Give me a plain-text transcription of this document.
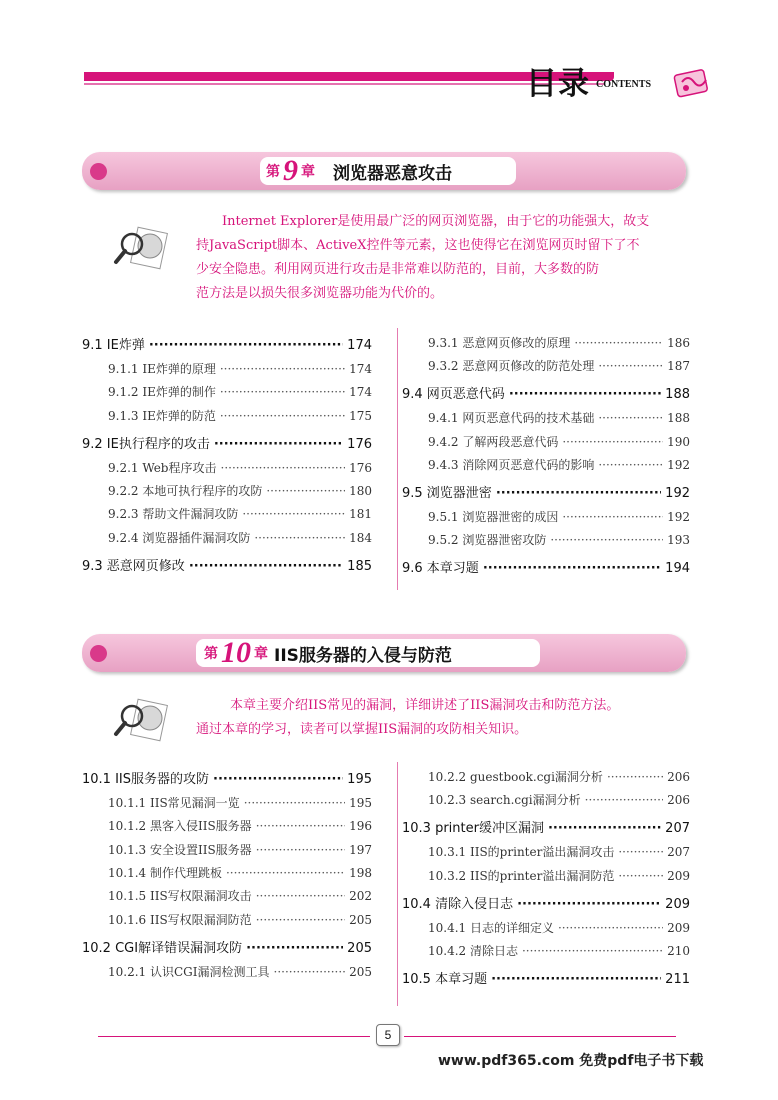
目录 CONTENTS
第 9 章 浏览器恶意攻击
Internet Explorer是使用最广泛的网页浏览器，由于它的功能强大，故支
持JavaScript脚本、ActiveX控件等元素，这也使得它在浏览网页时留下了不
少安全隐患。利用网页进行攻击是非常难以防范的，目前，大多数的防
范方法是以损失很多浏览器功能为代价的。
9.1 IE炸弹 ·····	174
9.1.1 IE炸弹的原理 ·····	174
9.1.2 IE炸弹的制作 ·····	174
9.1.3 IE炸弹的防范 ·····	175
9.2 IE执行程序的攻击 ·····	176
9.2.1 Web程序攻击 ·····	176
9.2.2 本地可执行程序的攻防 ·····	180
9.2.3 帮助文件漏洞攻防 ·····	181
9.2.4 浏览器插件漏洞攻防 ·····	184
9.3 恶意网页修改 ·····	185
9.3.1 恶意网页修改的原理 ·····	186
9.3.2 恶意网页修改的防范处理 ·····	187
9.4 网页恶意代码 ·····	188
9.4.1 网页恶意代码的技术基础 ·····	188
9.4.2 了解两段恶意代码 ·····	190
9.4.3 消除网页恶意代码的影响 ·····	192
9.5 浏览器泄密 ·····	192
9.5.1 浏览器泄密的成因 ·····	192
9.5.2 浏览器泄密攻防 ·····	193
9.6 本章习题 ·····	194
第 10 章 IIS服务器的入侵与防范
本章主要介绍IIS常见的漏洞，详细讲述了IIS漏洞攻击和防范方法。
通过本章的学习，读者可以掌握IIS漏洞的攻防相关知识。
10.1 IIS服务器的攻防 ·····	195
10.1.1 IIS常见漏洞一览 ·····	195
10.1.2 黑客入侵IIS服务器 ·····	196
10.1.3 安全设置IIS服务器 ·····	197
10.1.4 制作代理跳板 ·····	198
10.1.5 IIS写权限漏洞攻击 ·····	202
10.1.6 IIS写权限漏洞防范 ·····	205
10.2 CGI解译错误漏洞攻防 ·····	205
10.2.1 认识CGI漏洞检测工具 ·····	205
10.2.2 guestbook.cgi漏洞分析 ·····	206
10.2.3 search.cgi漏洞分析 ·····	206
10.3 printer缓冲区漏洞 ·····	207
10.3.1 IIS的printer溢出漏洞攻击 ·····	207
10.3.2 IIS的printer溢出漏洞防范 ·····	209
10.4 清除入侵日志 ·····	209
10.4.1 日志的详细定义 ·····	209
10.4.2 清除日志 ·····	210
10.5 本章习题 ·····	211
5
www.pdf365.com 免费pdf电子书下载
